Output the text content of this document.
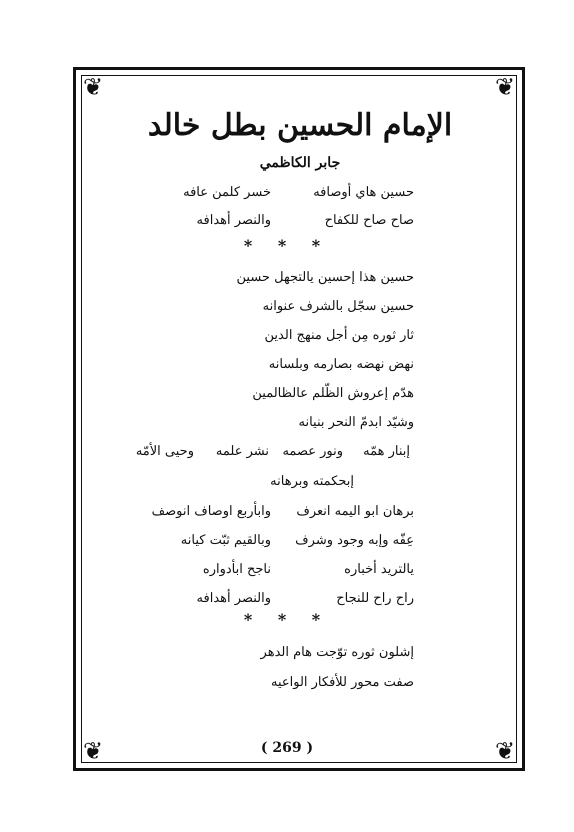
❦	❦
❦	❦
الإمام الحسين بطل خالد
جابر الكاظمي
حسين هاي أوصافه
خسر كلمن عافه
صاح صاح للكفاح
والنصر أهدافه
* * *
حسين هذا إحسين يالتجهل حسين
حسين سجّل بالشرف عنوانه
ثار ثوره مِن أجل منهج الدين
نهض نهضه بصارمه وبلسانه
هدّم إعروش الظّلم عالظالمين
وشيّد ابدمّ النحر بنيانه
إبنار همّه
ونور عصمه
نشر علمه
وحيى الأمّه
إبحكمته وبرهانه
برهان ابو اليمه انعرف
وابأربع اوصاف انوصف
عِفّه وإبه وجود وشرف
وبالقيم ثبّت كيانه
يالتريد أخباره
ناجح ابأدواره
راح راح للنجاح
والنصر أهدافه
* * *
إشلون ثوره توّجت هام الدهر
صفت محور للأفكار الواعيه
( 269 )
